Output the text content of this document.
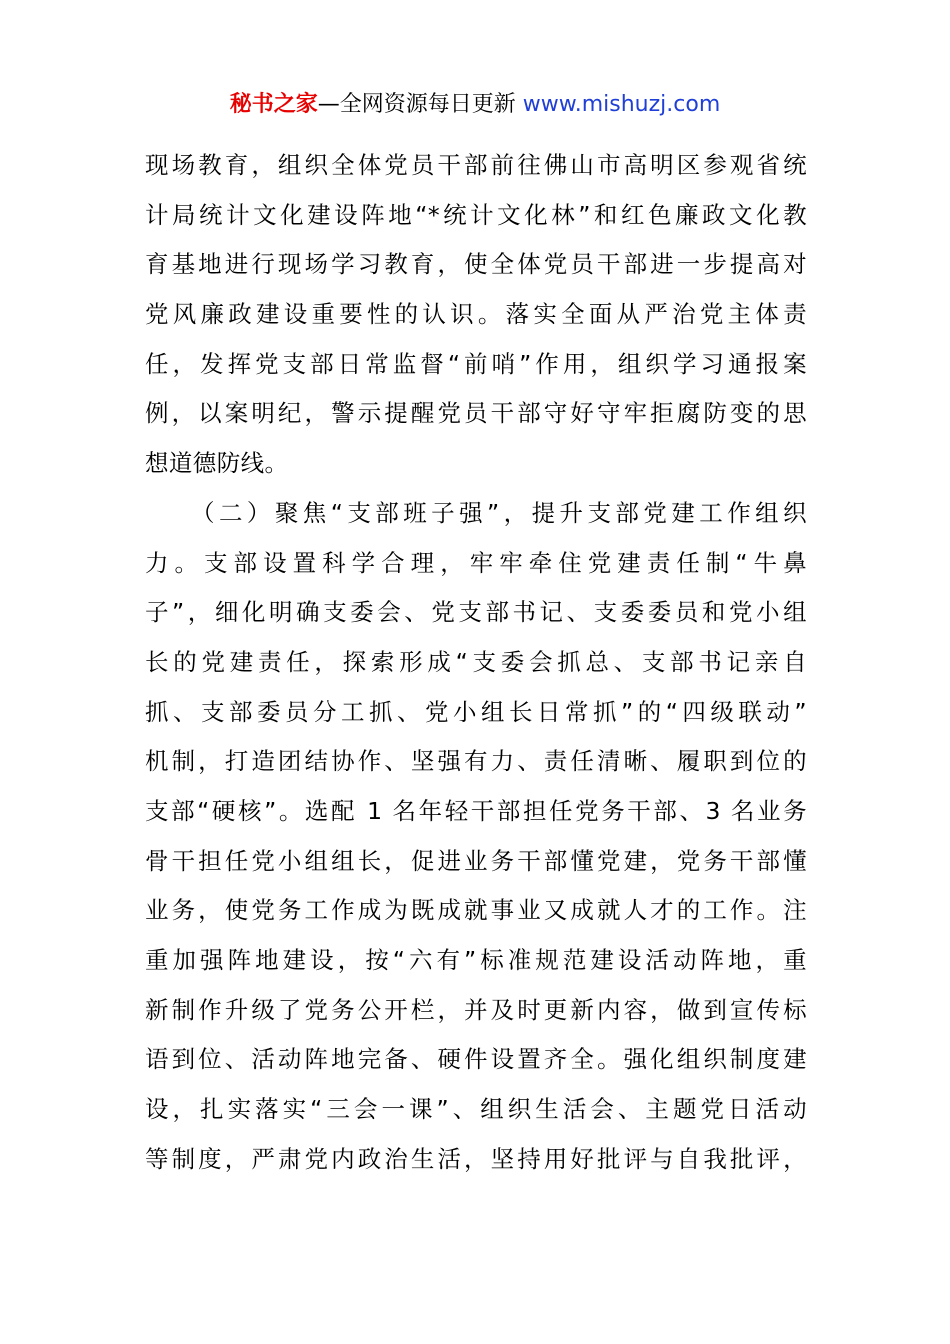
秘书之家—全网资源每日更新 www.mishuzj.com
现场教育，组织全体党员干部前往佛山市高明区参观省统
计局统计文化建设阵地“*统计文化林”和红色廉政文化教
育基地进行现场学习教育，使全体党员干部进一步提高对
党风廉政建设重要性的认识。落实全面从严治党主体责
任，发挥党支部日常监督“前哨”作用，组织学习通报案
例，以案明纪，警示提醒党员干部守好守牢拒腐防变的思
想道德防线。
（二）聚焦“支部班子强”，提升支部党建工作组织
力。支部设置科学合理，牢牢牵住党建责任制“牛鼻
子”，细化明确支委会、党支部书记、支委委员和党小组
长的党建责任，探索形成“支委会抓总、支部书记亲自
抓、支部委员分工抓、党小组长日常抓”的“四级联动”
机制，打造团结协作、坚强有力、责任清晰、履职到位的
支部“硬核”。选配 1 名年轻干部担任党务干部、3 名业务
骨干担任党小组组长，促进业务干部懂党建，党务干部懂
业务，使党务工作成为既成就事业又成就人才的工作。注
重加强阵地建设，按“六有”标准规范建设活动阵地，重
新制作升级了党务公开栏，并及时更新内容，做到宣传标
语到位、活动阵地完备、硬件设置齐全。强化组织制度建
设，扎实落实“三会一课”、组织生活会、主题党日活动
等制度，严肃党内政治生活，坚持用好批评与自我批评，
